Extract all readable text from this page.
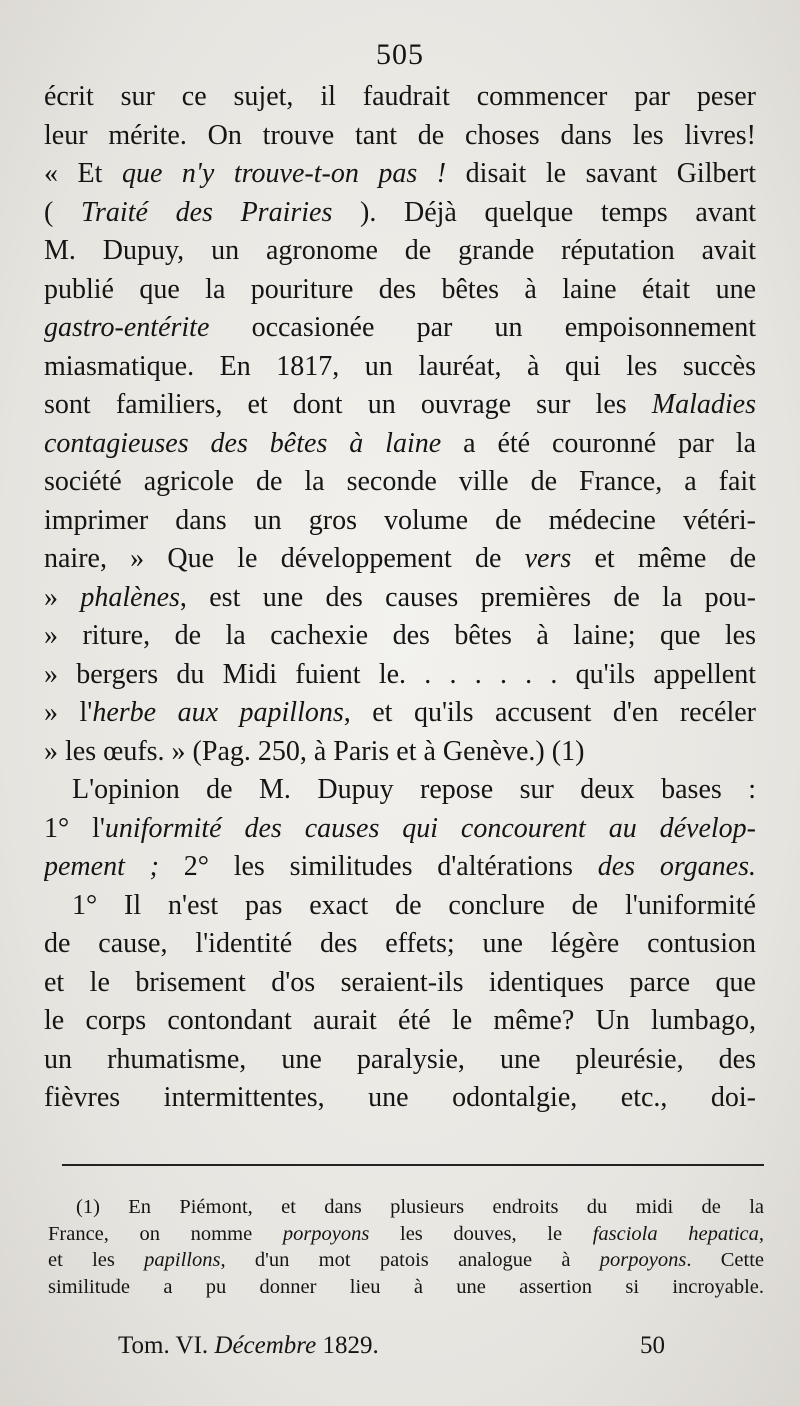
505
écrit sur ce sujet, il faudrait commencer par peser
leur mérite. On trouve tant de choses dans les livres!
« Et que n'y trouve-t-on pas ! disait le savant Gilbert
( Traité des Prairies ). Déjà quelque temps avant
M. Dupuy, un agronome de grande réputation avait
publié que la pouriture des bêtes à laine était une
gastro-entérite occasionée par un empoisonnement
miasmatique. En 1817, un lauréat, à qui les succès
sont familiers, et dont un ouvrage sur les Maladies
contagieuses des bêtes à laine a été couronné par la
société agricole de la seconde ville de France, a fait
imprimer dans un gros volume de médecine vétéri-
naire, » Que le développement de vers et même de
» phalènes, est une des causes premières de la pou-
» riture, de la cachexie des bêtes à laine; que les
» bergers du Midi fuient le. . . . . . . qu'ils appellent
» l'herbe aux papillons, et qu'ils accusent d'en recéler
» les œufs. » (Pag. 250, à Paris et à Genève.) (1)
L'opinion de M. Dupuy repose sur deux bases :
1° l'uniformité des causes qui concourent au dévelop-
pement ; 2° les similitudes d'altérations des organes.
1° Il n'est pas exact de conclure de l'uniformité
de cause, l'identité des effets; une légère contusion
et le brisement d'os seraient-ils identiques parce que
le corps contondant aurait été le même? Un lumbago,
un rhumatisme, une paralysie, une pleurésie, des
fièvres intermittentes, une odontalgie, etc., doi-
(1) En Piémont, et dans plusieurs endroits du midi de la
France, on nomme porpoyons les douves, le fasciola hepatica,
et les papillons, d'un mot patois analogue à porpoyons. Cette
similitude a pu donner lieu à une assertion si incroyable.
Tom. VI. Décembre 1829.	50
